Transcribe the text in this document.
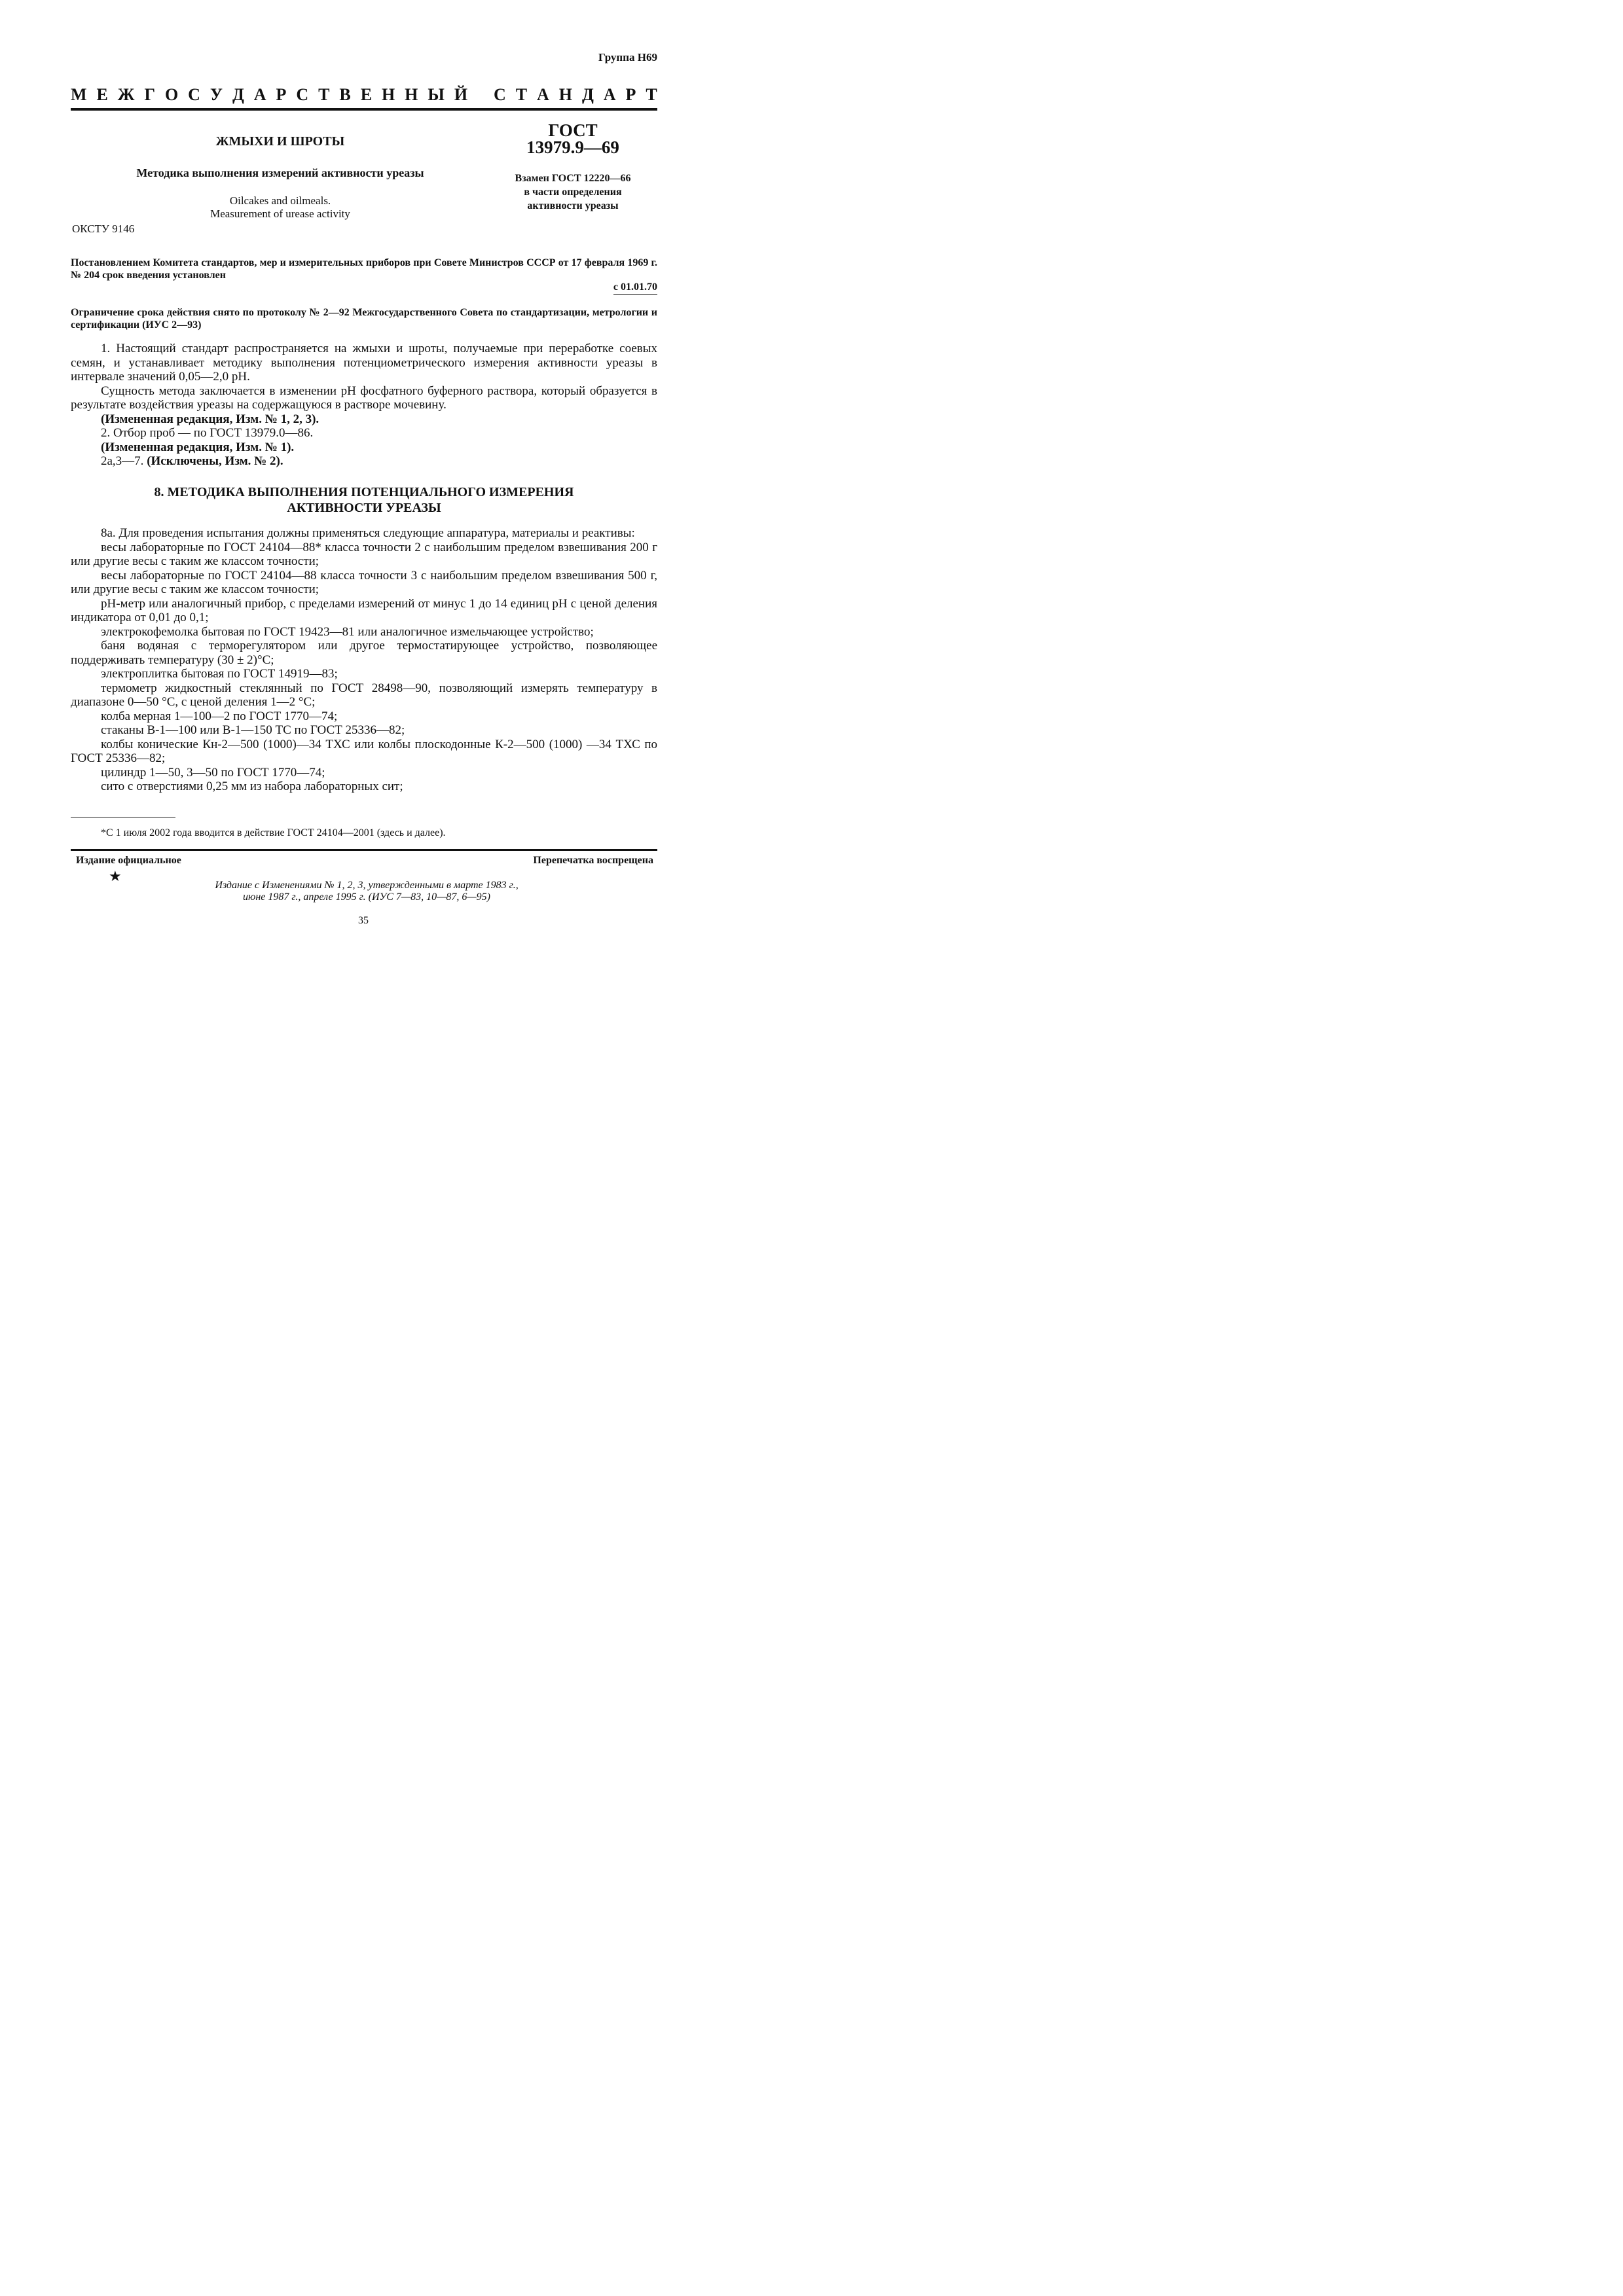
Группа Н69
М Е Ж Г О С У Д А Р С Т В Е Н Н Ы Й С Т А Н Д А Р Т
ЖМЫХИ И ШРОТЫ
Методика выполнения измерений активности уреазы
Oilcakes and oilmeals.
Measurement of urease activity
ОКСТУ 9146
ГОСТ
13979.9—69
Взамен ГОСТ 12220—66
в части определения
активности уреазы
Постановлением Комитета стандартов, мер и измерительных приборов при Совете Министров СССР от 17 февраля 1969 г. № 204 срок введения установлен
с 01.01.70
Ограничение срока действия снято по протоколу № 2—92 Межгосударственного Совета по стандартизации, метрологии и сертификации (ИУС 2—93)

1. Настоящий стандарт распространяется на жмыхи и шроты, получаемые при переработке соевых семян, и устанавливает методику выполнения потенциометрического измерения активности уреазы в интервале значений 0,05—2,0 рН.

Сущность метода заключается в изменении рН фосфатного буферного раствора, который образуется в результате воздействия уреазы на содержащуюся в растворе мочевину.

(Измененная редакция, Изм. № 1, 2, 3).

2. Отбор проб — по ГОСТ 13979.0—86.

(Измененная редакция, Изм. № 1).

2а,3—7. (Исключены, Изм. № 2).

8. МЕТОДИКА ВЫПОЛНЕНИЯ ПОТЕНЦИАЛЬНОГО ИЗМЕРЕНИЯ
АКТИВНОСТИ УРЕАЗЫ

8а. Для проведения испытания должны применяться следующие аппаратура, материалы и реактивы:

весы лабораторные по ГОСТ 24104—88* класса точности 2 с наибольшим пределом взвешивания 200 г или другие весы с таким же классом точности;

весы лабораторные по ГОСТ 24104—88 класса точности 3 с наибольшим пределом взвешивания 500 г, или другие весы с таким же классом точности;

рН-метр или аналогичный прибор, с пределами измерений от минус 1 до 14 единиц рН с ценой деления индикатора от 0,01 до 0,1;

электрокофемолка бытовая по ГОСТ 19423—81 или аналогичное измельчающее устройство;

баня водяная с терморегулятором или другое термостатирующее устройство, позволяющее поддерживать температуру (30 ± 2)°С;

электроплитка бытовая по ГОСТ 14919—83;

термометр жидкостный стеклянный по ГОСТ 28498—90, позволяющий измерять температуру в диапазоне 0—50 °С, с ценой деления 1—2 °С;

колба мерная 1—100—2 по ГОСТ 1770—74;

стаканы В-1—100 или В-1—150 ТС по ГОСТ 25336—82;

колбы конические Кн-2—500 (1000)—34 ТХС или колбы плоскодонные К-2—500 (1000) —34 ТХС по ГОСТ 25336—82;

цилиндр 1—50, 3—50 по ГОСТ 1770—74;

сито с отверстиями 0,25 мм из набора лабораторных сит;

*С 1 июля 2002 года вводится в действие ГОСТ 24104—2001 (здесь и далее).
Издание официальное	Перепечатка воспрещена
★
Издание с Изменениями № 1, 2, 3, утвержденными в марте 1983 г.,
июне 1987 г., апреле 1995 г. (ИУС 7—83, 10—87, 6—95)
35
